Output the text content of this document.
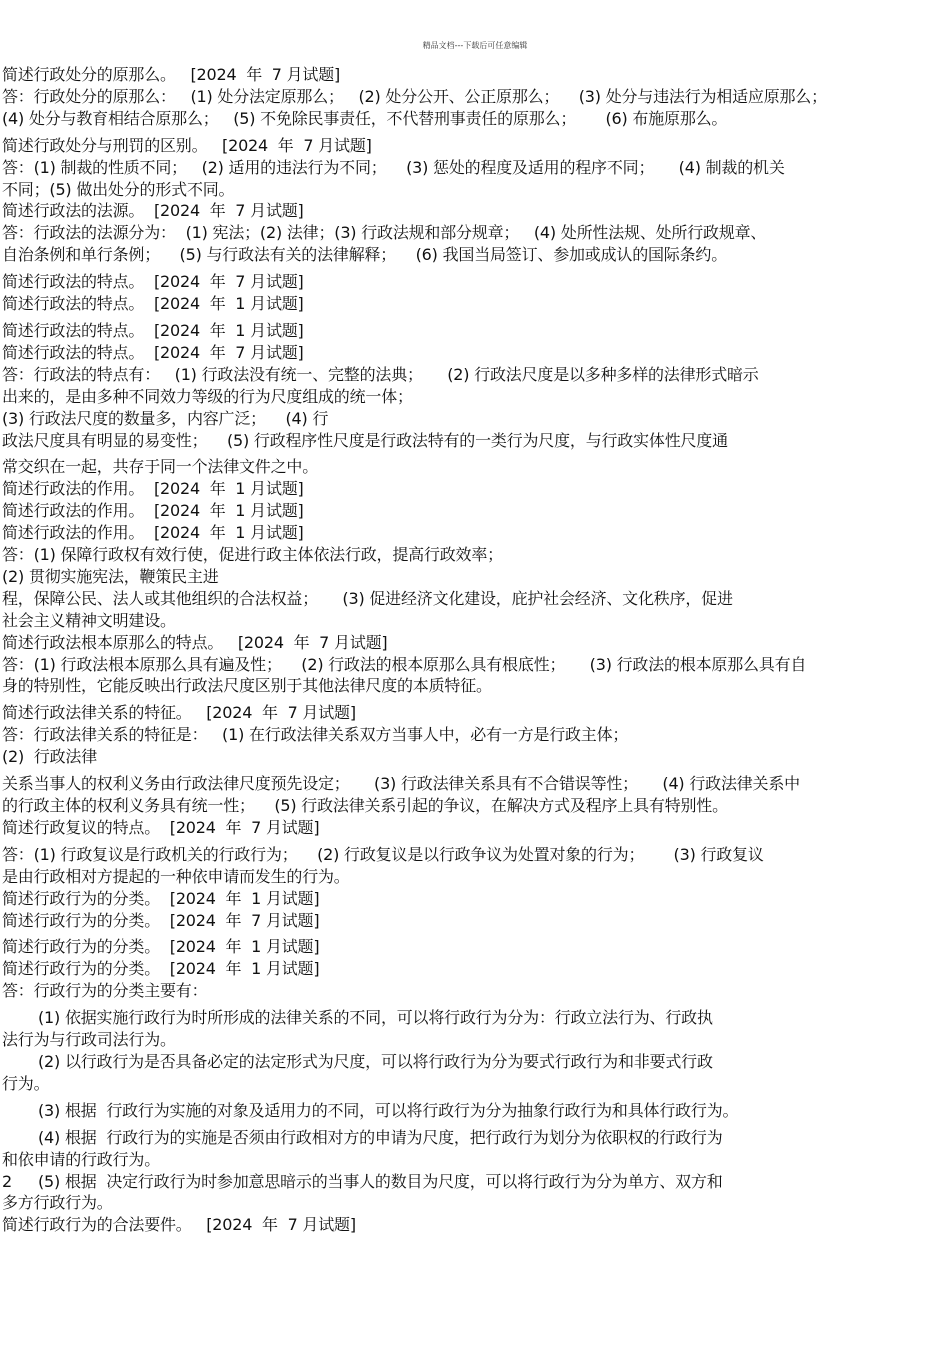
精品文档---下载后可任意编辑
简述行政处分的原那么。   [2024  年  7 月试题]
答：行政处分的原那么：   (1) 处分法定原那么；   (2) 处分公开、公正原那么；    (3) 处分与违法行为相适应原那么；
(4) 处分与教育相结合原那么；   (5) 不免除民事责任，不代替刑事责任的原那么；      (6) 布施原那么。
简述行政处分与刑罚的区别。   [2024  年  7 月试题]
答：(1) 制裁的性质不同；   (2) 适用的违法行为不同；    (3) 惩处的程度及适用的程序不同；     (4) 制裁的机关
不同；(5) 做出处分的形式不同。
简述行政法的法源。  [2024  年  7 月试题]
答：行政法的法源分为：  (1) 宪法；(2) 法律；(3) 行政法规和部分规章；   (4) 处所性法规、处所行政规章、
自治条例和单行条例；    (5) 与行政法有关的法律解释；    (6) 我国当局签订、参加或成认的国际条约。
简述行政法的特点。  [2024  年  7 月试题]
简述行政法的特点。  [2024  年  1 月试题]
简述行政法的特点。  [2024  年  1 月试题]
简述行政法的特点。  [2024  年  7 月试题]
答：行政法的特点有：   (1) 行政法没有统一、完整的法典；     (2) 行政法尺度是以多种多样的法律形式暗示
出来的，是由多种不同效力等级的行为尺度组成的统一体；
(3) 行政法尺度的数量多，内容广泛；    (4) 行
政法尺度具有明显的易变性；    (5) 行政程序性尺度是行政法特有的一类行为尺度，与行政实体性尺度通
常交织在一起，共存于同一个法律文件之中。
简述行政法的作用。  [2024  年  1 月试题]
简述行政法的作用。  [2024  年  1 月试题]
简述行政法的作用。  [2024  年  1 月试题]
答：(1) 保障行政权有效行使，促进行政主体依法行政，提高行政效率；
(2) 贯彻实施宪法，鞭策民主进
程，保障公民、法人或其他组织的合法权益；     (3) 促进经济文化建设，庇护社会经济、文化秩序，促进
社会主义精神文明建设。
简述行政法根本原那么的特点。   [2024  年  7 月试题]
答：(1) 行政法根本原那么具有遍及性；    (2) 行政法的根本原那么具有根底性；     (3) 行政法的根本原那么具有自
身的特别性，它能反映出行政法尺度区别于其他法律尺度的本质特征。
简述行政法律关系的特征。   [2024  年  7 月试题]
答：行政法律关系的特征是：   (1) 在行政法律关系双方当事人中，必有一方是行政主体；
(2)  行政法律
关系当事人的权利义务由行政法律尺度预先设定；     (3) 行政法律关系具有不合错误等性；     (4) 行政法律关系中
的行政主体的权利义务具有统一性；    (5) 行政法律关系引起的争议，在解决方式及程序上具有特别性。
简述行政复议的特点。  [2024  年  7 月试题]
答：(1) 行政复议是行政机关的行政行为；    (2) 行政复议是以行政争议为处置对象的行为；      (3) 行政复议
是由行政相对方提起的一种依申请而发生的行为。
简述行政行为的分类。  [2024  年  1 月试题]
简述行政行为的分类。  [2024  年  7 月试题]
简述行政行为的分类。  [2024  年  1 月试题]
简述行政行为的分类。  [2024  年  1 月试题]
答：行政行为的分类主要有：
(1) 依据实施行政行为时所形成的法律关系的不同，可以将行政行为分为：行政立法行为、行政执
法行为与行政司法行为。
(2) 以行政行为是否具备必定的法定形式为尺度，可以将行政行为分为要式行政行为和非要式行政
行为。
(3) 根据  行政行为实施的对象及适用力的不同，可以将行政行为分为抽象行政行为和具体行政行为。
(4) 根据  行政行为的实施是否须由行政相对方的申请为尺度，把行政行为划分为依职权的行政行为
和依申请的行政行为。
(5) 根据  决定行政行为时参加意思暗示的当事人的数目为尺度，可以将行政行为分为单方、双方和
多方行政行为。
简述行政行为的合法要件。   [2024  年  7 月试题]
2
